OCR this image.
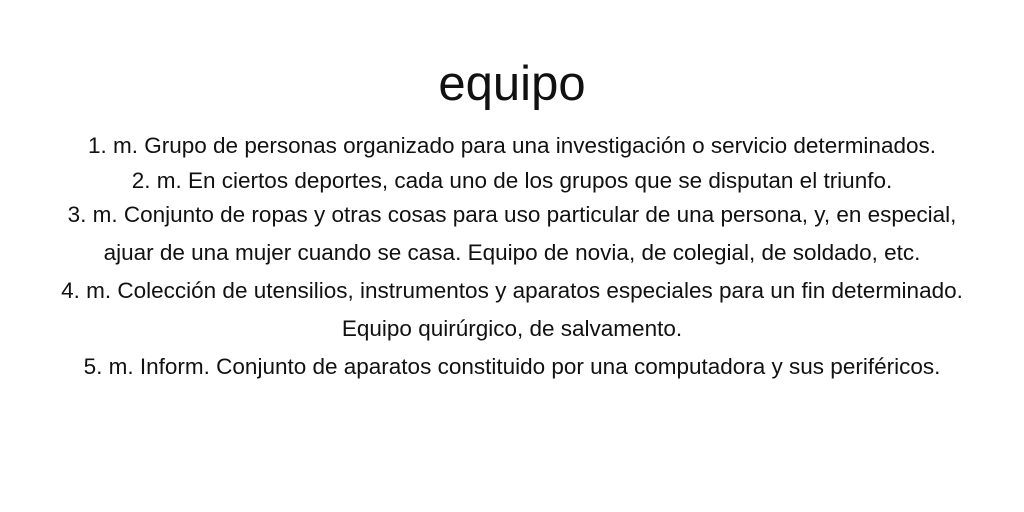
equipo
1. m. Grupo de personas organizado para una investigación o servicio determinados.
2. m. En ciertos deportes, cada uno de los grupos que se disputan el triunfo.
3. m. Conjunto de ropas y otras cosas para uso particular de una persona, y, en especial, ajuar de una mujer cuando se casa. Equipo de novia, de colegial, de soldado, etc.
4. m. Colección de utensilios, instrumentos y aparatos especiales para un fin determinado. Equipo quirúrgico, de salvamento.
5. m. Inform. Conjunto de aparatos constituido por una computadora y sus periféricos.
